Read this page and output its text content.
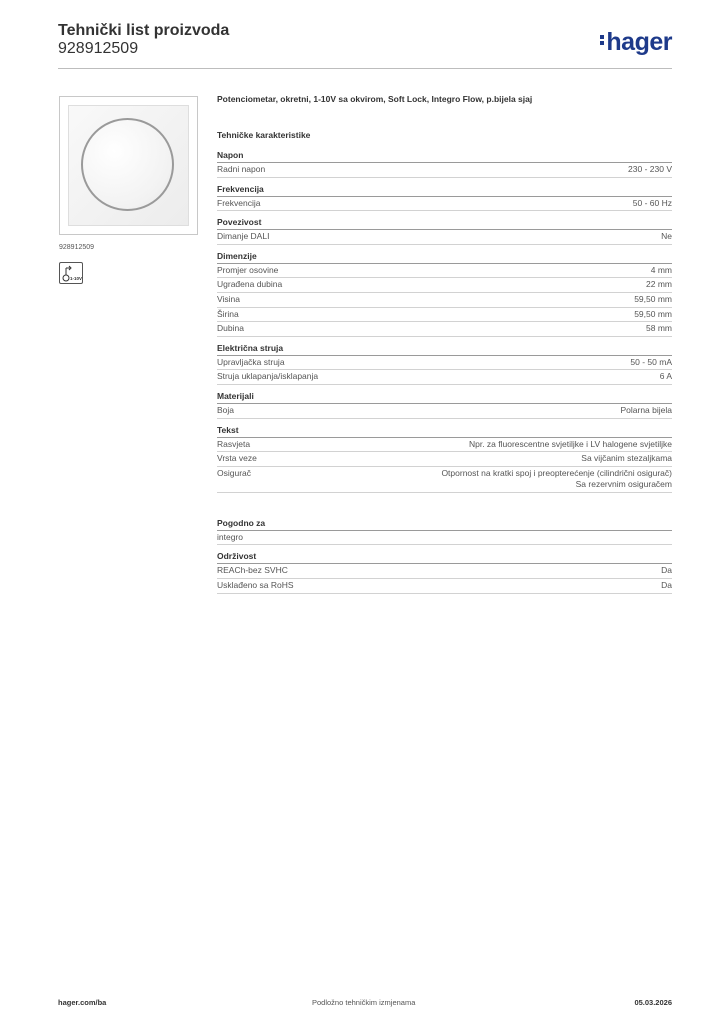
Tehnički list proizvoda
928912509	hager
928912509
1-10V
Potenciometar, okretni, 1-10V sa okvirom, Soft Lock, Integro Flow, p.bijela sjaj
Tehničke karakteristike
Napon
Radni napon	230 - 230 V
Frekvencija
Frekvencija	50 - 60 Hz
Povezivost
Dimanje DALI	Ne
Dimenzije
Promjer osovine	4 mm
Ugrađena dubina	22 mm
Visina	59,50 mm
Širina	59,50 mm
Dubina	58 mm
Električna struja
Upravljačka struja	50 - 50 mA
Struja uklapanja/isklapanja	6 A
Materijali
Boja	Polarna bijela
Tekst
Rasvjeta	Npr. za fluorescentne svjetiljke i LV halogene svjetiljke
Vrsta veze	Sa vijčanim stezaljkama
Osigurač	Otpornost na kratki spoj i preopterećenje (cilindrični osigurač)
Sa rezervnim osiguračem
Pogodno za
integro
Održivost
REACh-bez SVHC	Da
Usklađeno sa RoHS	Da
hager.com/ba	Podložno tehničkim izmjenama	05.03.2026
